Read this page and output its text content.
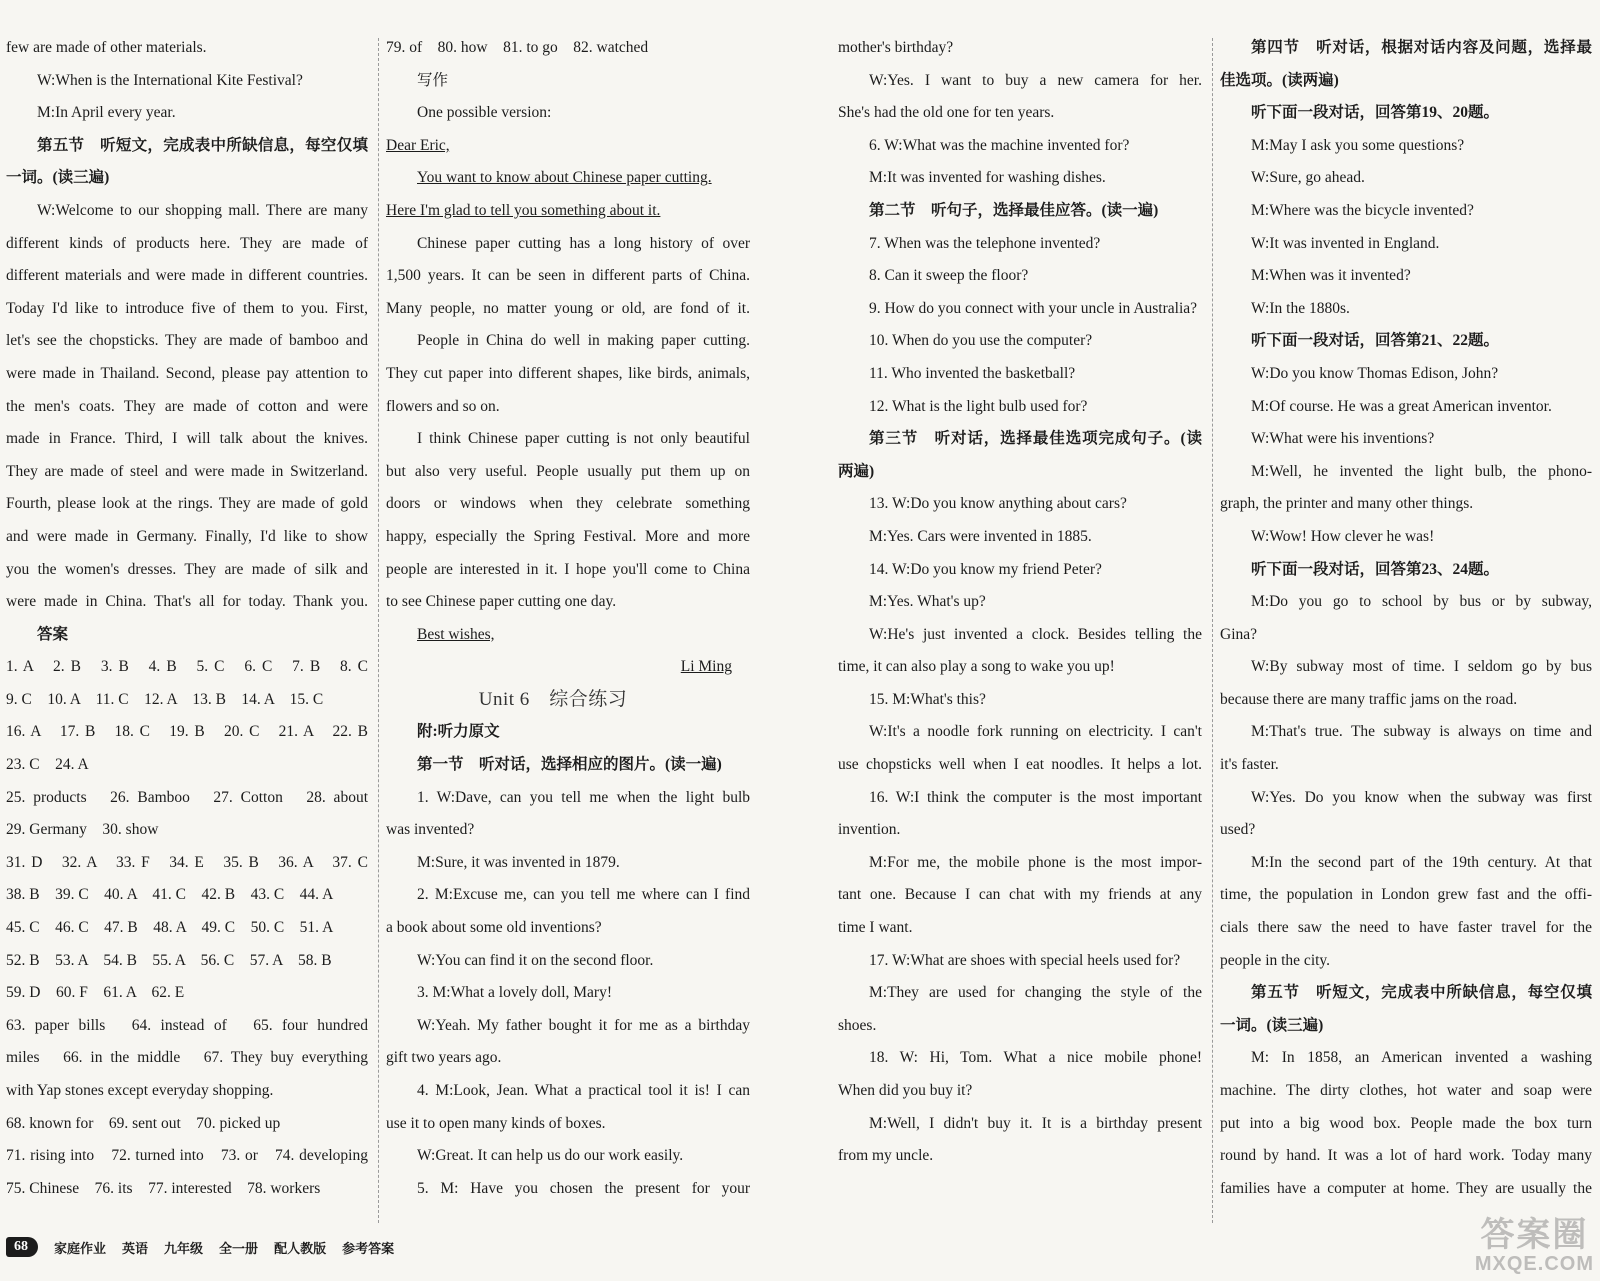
few are made of other materials.
W:When is the International Kite Festival?
M:In April every year.
第五节　听短文，完成表中所缺信息，每空仅填
一词。(读三遍)
W:Welcome to our shopping mall. There are many
different kinds of products here. They are made of
different materials and were made in different countries.
Today I'd like to introduce five of them to you. First,
let's see the chopsticks. They are made of bamboo and
were made in Thailand. Second, please pay attention to
the men's coats. They are made of cotton and were
made in France. Third, I will talk about the knives.
They are made of steel and were made in Switzerland.
Fourth, please look at the rings. They are made of gold
and were made in Germany. Finally, I'd like to show
you the women's dresses. They are made of silk and
were made in China. That's all for today. Thank you.
答案
1. A　2. B　3. B　4. B　5. C　6. C　7. B　8. C
9. C　10. A　11. C　12. A　13. B　14. A　15. C
16. A　17. B　18. C　19. B　20. C　21. A　22. B
23. C　24. A
25. products　26. Bamboo　27. Cotton　28. about
29. Germany　30. show
31. D　32. A　33. F　34. E　35. B　36. A　37. C
38. B　39. C　40. A　41. C　42. B　43. C　44. A
45. C　46. C　47. B　48. A　49. C　50. C　51. A
52. B　53. A　54. B　55. A　56. C　57. A　58. B
59. D　60. F　61. A　62. E
63. paper bills　64. instead of　65. four hundred
miles　66. in the middle　67. They buy everything
with Yap stones except everyday shopping.
68. known for　69. sent out　70. picked up
71. rising into　72. turned into　73. or　74. developing
75. Chinese　76. its　77. interested　78. workers
79. of　80. how　81. to go　82. watched
写作
One possible version:
Dear Eric,
You want to know about Chinese paper cutting.
Here I'm glad to tell you something about it.
Chinese paper cutting has a long history of over
1,500 years. It can be seen in different parts of China.
Many people, no matter young or old, are fond of it.
People in China do well in making paper cutting.
They cut paper into different shapes, like birds, animals,
flowers and so on.
I think Chinese paper cutting is not only beautiful
but also very useful. People usually put them up on
doors or windows when they celebrate something
happy, especially the Spring Festival. More and more
people are interested in it. I hope you'll come to China
to see Chinese paper cutting one day.
Best wishes,
Li Ming
Unit 6　综合练习
附:听力原文
第一节　听对话，选择相应的图片。(读一遍)
1. W:Dave, can you tell me when the light bulb
was invented?
M:Sure, it was invented in 1879.
2. M:Excuse me, can you tell me where can I find
a book about some old inventions?
W:You can find it on the second floor.
3. M:What a lovely doll, Mary!
W:Yeah. My father bought it for me as a birthday
gift two years ago.
4. M:Look, Jean. What a practical tool it is! I can
use it to open many kinds of boxes.
W:Great. It can help us do our work easily.
5. M: Have you chosen the present for your
mother's birthday?
W:Yes. I want to buy a new camera for her.
She's had the old one for ten years.
6. W:What was the machine invented for?
M:It was invented for washing dishes.
第二节　听句子，选择最佳应答。(读一遍)
7. When was the telephone invented?
8. Can it sweep the floor?
9. How do you connect with your uncle in Australia?
10. When do you use the computer?
11. Who invented the basketball?
12. What is the light bulb used for?
第三节　听对话，选择最佳选项完成句子。(读
两遍)
13. W:Do you know anything about cars?
M:Yes. Cars were invented in 1885.
14. W:Do you know my friend Peter?
M:Yes. What's up?
W:He's just invented a clock. Besides telling the
time, it can also play a song to wake you up!
15. M:What's this?
W:It's a noodle fork running on electricity. I can't
use chopsticks well when I eat noodles. It helps a lot.
16. W:I think the computer is the most important
invention.
M:For me, the mobile phone is the most impor-
tant one. Because I can chat with my friends at any
time I want.
17. W:What are shoes with special heels used for?
M:They are used for changing the style of the
shoes.
18. W: Hi, Tom. What a nice mobile phone!
When did you buy it?
M:Well, I didn't buy it. It is a birthday present
from my uncle.
第四节　听对话，根据对话内容及问题，选择最
佳选项。(读两遍)
听下面一段对话，回答第19、20题。
M:May I ask you some questions?
W:Sure, go ahead.
M:Where was the bicycle invented?
W:It was invented in England.
M:When was it invented?
W:In the 1880s.
听下面一段对话，回答第21、22题。
W:Do you know Thomas Edison, John?
M:Of course. He was a great American inventor.
W:What were his inventions?
M:Well, he invented the light bulb, the phono-
graph, the printer and many other things.
W:Wow! How clever he was!
听下面一段对话，回答第23、24题。
M:Do you go to school by bus or by subway,
Gina?
W:By subway most of time. I seldom go by bus
because there are many traffic jams on the road.
M:That's true. The subway is always on time and
it's faster.
W:Yes. Do you know when the subway was first
used?
M:In the second part of the 19th century. At that
time, the population in London grew fast and the offi-
cials there saw the need to have faster travel for the
people in the city.
第五节　听短文，完成表中所缺信息，每空仅填
一词。(读三遍)
M: In 1858, an American invented a washing
machine. The dirty clothes, hot water and soap were
put into a big wood box. People made the box turn
round by hand. It was a lot of hard work. Today many
families have a computer at home. They are usually the
68	家庭作业 英语 九年级 全一册 配人教版 参考答案	答案圈
MXQE.COM
